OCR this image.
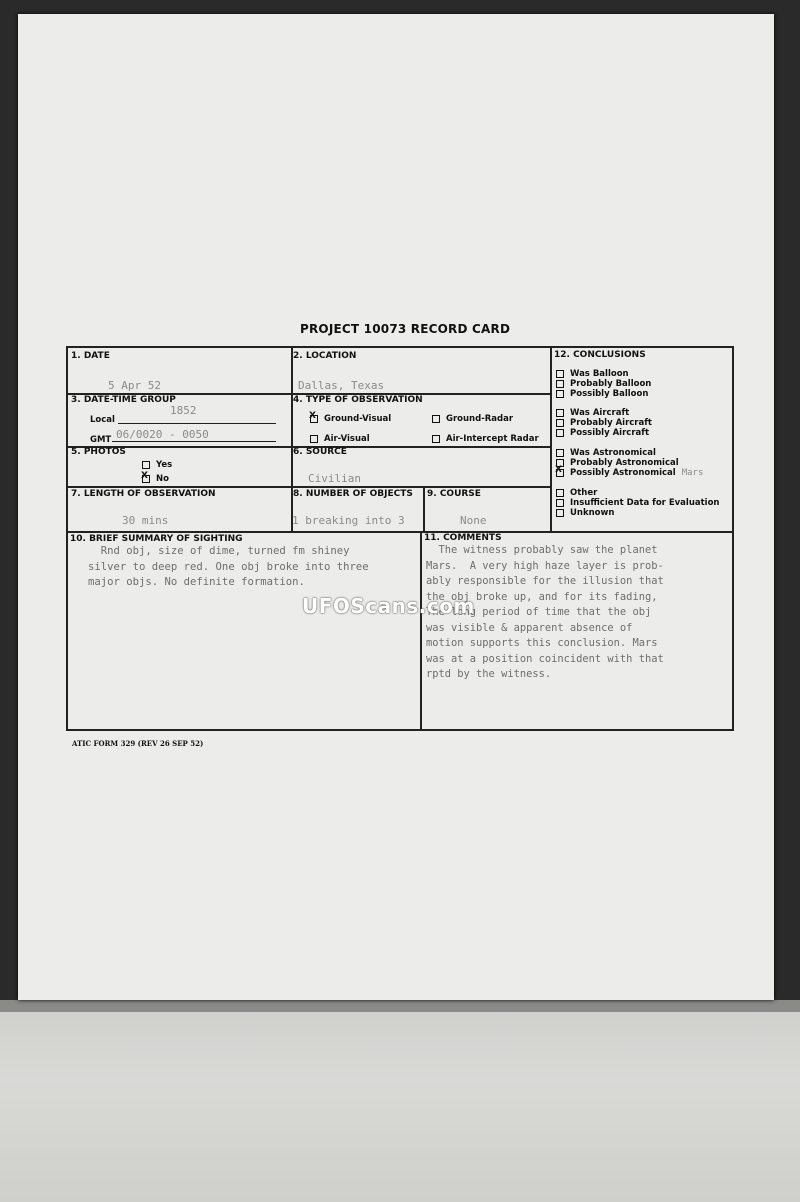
PROJECT 10073 RECORD CARD
1. DATE
5 Apr 52
2. LOCATION
Dallas, Texas
3. DATE-TIME GROUP
Local
1852
GMT 06/0020 - 0050
4. TYPE OF OBSERVATION
X Ground-Visual	Ground-Radar
Air-Visual	Air-Intercept Radar
5. PHOTOS
Yes
X No
6. SOURCE
Civilian
7. LENGTH OF OBSERVATION
30 mins
8. NUMBER OF OBJECTS
1 breaking into 3
9. COURSE
None
10. BRIEF SUMMARY OF SIGHTING
Rnd obj, size of dime, turned fm shiney
silver to deep red. One obj broke into three
major objs. No definite formation.
11. COMMENTS
The witness probably saw the planet
Mars.  A very high haze layer is prob-
ably responsible for the illusion that
the obj broke up, and for its fading,
The long period of time that the obj
was visible & apparent absence of
motion supports this conclusion. Mars
was at a position coincident with that
rptd by the witness.
12. CONCLUSIONS
Was Balloon
Probably Balloon
Possibly Balloon
Was Aircraft
Probably Aircraft
Possibly Aircraft
Was Astronomical
Probably Astronomical
X Possibly Astronomical Mars
Other
Insufficient Data for Evaluation
Unknown
UFOScans.com
ATIC FORM 329 (REV 26 SEP 52)
